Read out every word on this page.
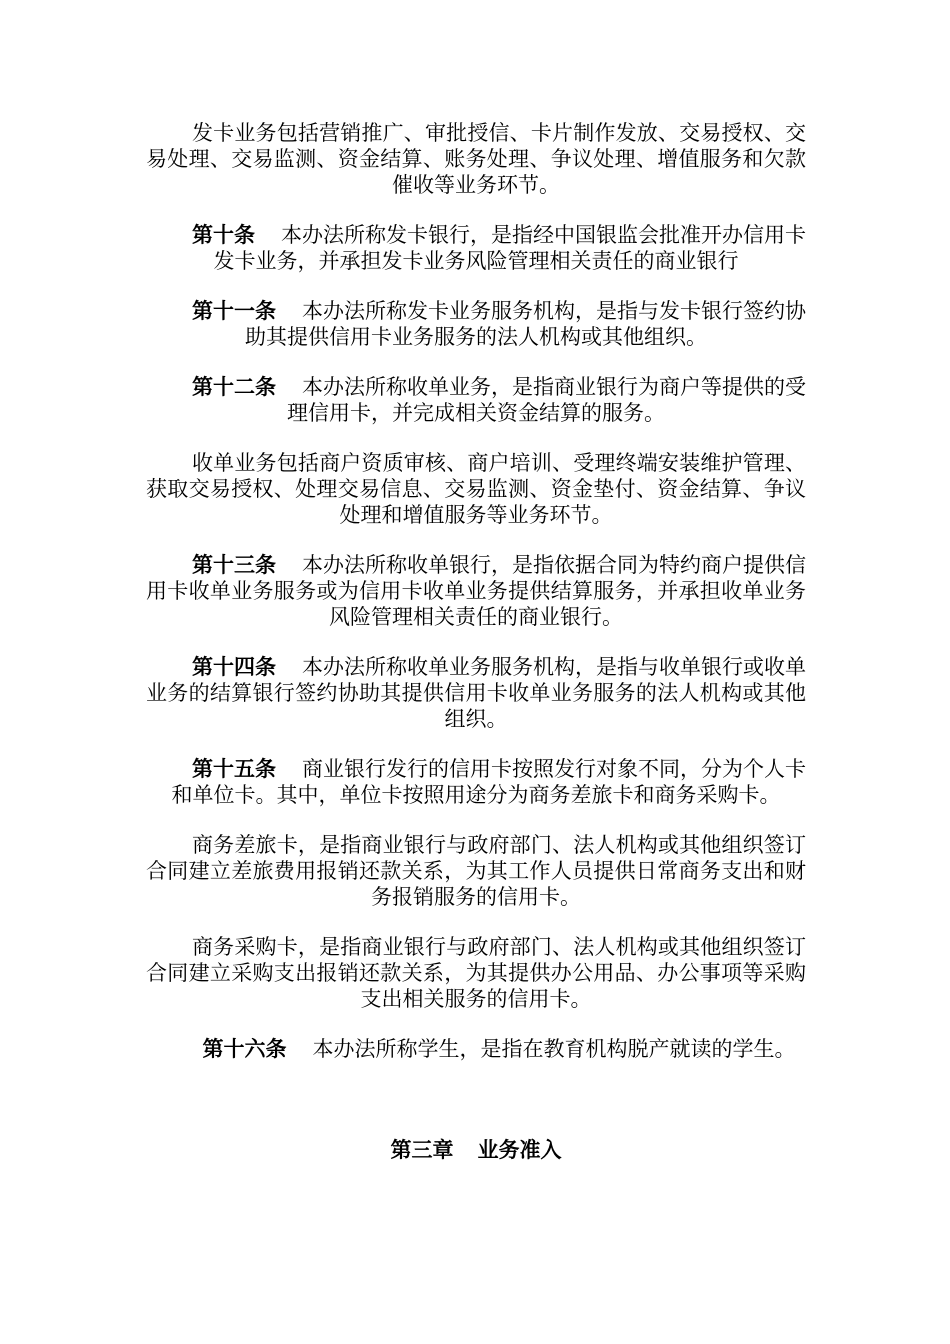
发卡业务包括营销推广、审批授信、卡片制作发放、交易授权、交易处理、交易监测、资金结算、账务处理、争议处理、增值服务和欠款催收等业务环节。

第十条 本办法所称发卡银行，是指经中国银监会批准开办信用卡发卡业务，并承担发卡业务风险管理相关责任的商业银行

第十一条 本办法所称发卡业务服务机构，是指与发卡银行签约协助其提供信用卡业务服务的法人机构或其他组织。

第十二条 本办法所称收单业务，是指商业银行为商户等提供的受理信用卡，并完成相关资金结算的服务。

收单业务包括商户资质审核、商户培训、受理终端安装维护管理、获取交易授权、处理交易信息、交易监测、资金垫付、资金结算、争议处理和增值服务等业务环节。

第十三条 本办法所称收单银行，是指依据合同为特约商户提供信用卡收单业务服务或为信用卡收单业务提供结算服务，并承担收单业务风险管理相关责任的商业银行。

第十四条 本办法所称收单业务服务机构，是指与收单银行或收单业务的结算银行签约协助其提供信用卡收单业务服务的法人机构或其他组织。

第十五条 商业银行发行的信用卡按照发行对象不同，分为个人卡和单位卡。其中，单位卡按照用途分为商务差旅卡和商务采购卡。

商务差旅卡，是指商业银行与政府部门、法人机构或其他组织签订合同建立差旅费用报销还款关系，为其工作人员提供日常商务支出和财务报销服务的信用卡。

商务采购卡，是指商业银行与政府部门、法人机构或其他组织签订合同建立采购支出报销还款关系，为其提供办公用品、办公事项等采购支出相关服务的信用卡。

第十六条 本办法所称学生，是指在教育机构脱产就读的学生。

第三章 业务准入
